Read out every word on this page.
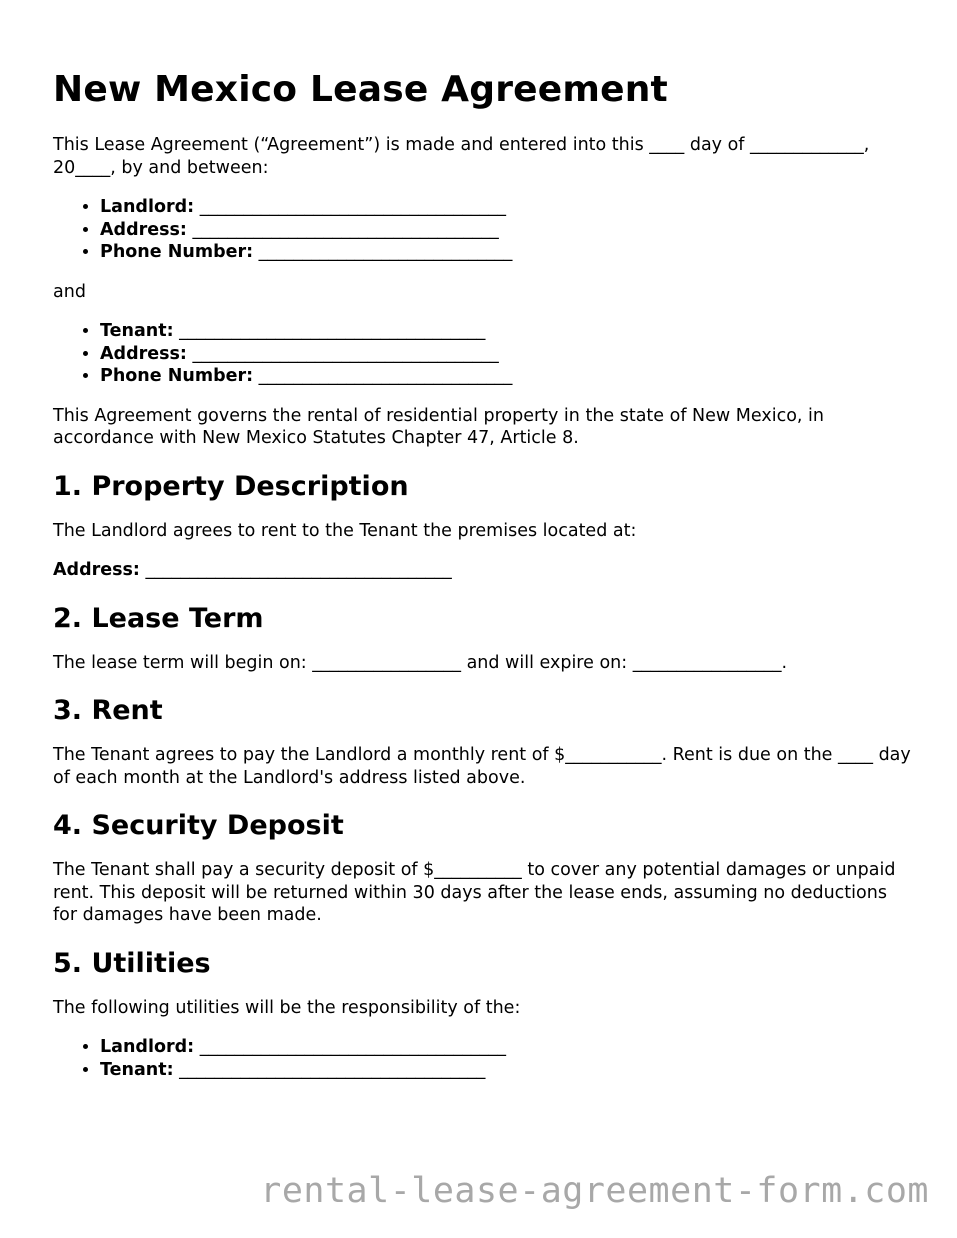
New Mexico Lease Agreement

This Lease Agreement (“Agreement”) is made and entered into this ____ day of _____________, 20____, by and between:

• Landlord: ___________________________________
• Address: ___________________________________
• Phone Number: _____________________________

and

• Tenant: ___________________________________
• Address: ___________________________________
• Phone Number: _____________________________

This Agreement governs the rental of residential property in the state of New Mexico, in accordance with New Mexico Statutes Chapter 47, Article 8.

1. Property Description

The Landlord agrees to rent to the Tenant the premises located at:

Address: ___________________________________
2. Lease Term

The lease term will begin on: _________________ and will expire on: _________________.

3. Rent

The Tenant agrees to pay the Landlord a monthly rent of $___________. Rent is due on the ____ day of each month at the Landlord's address listed above.

4. Security Deposit

The Tenant shall pay a security deposit of $__________ to cover any potential damages or unpaid rent. This deposit will be returned within 30 days after the lease ends, assuming no deductions for damages have been made.

5. Utilities

The following utilities will be the responsibility of the:

• Landlord: ___________________________________
• Tenant: ___________________________________
rental-lease-agreement-form.com
